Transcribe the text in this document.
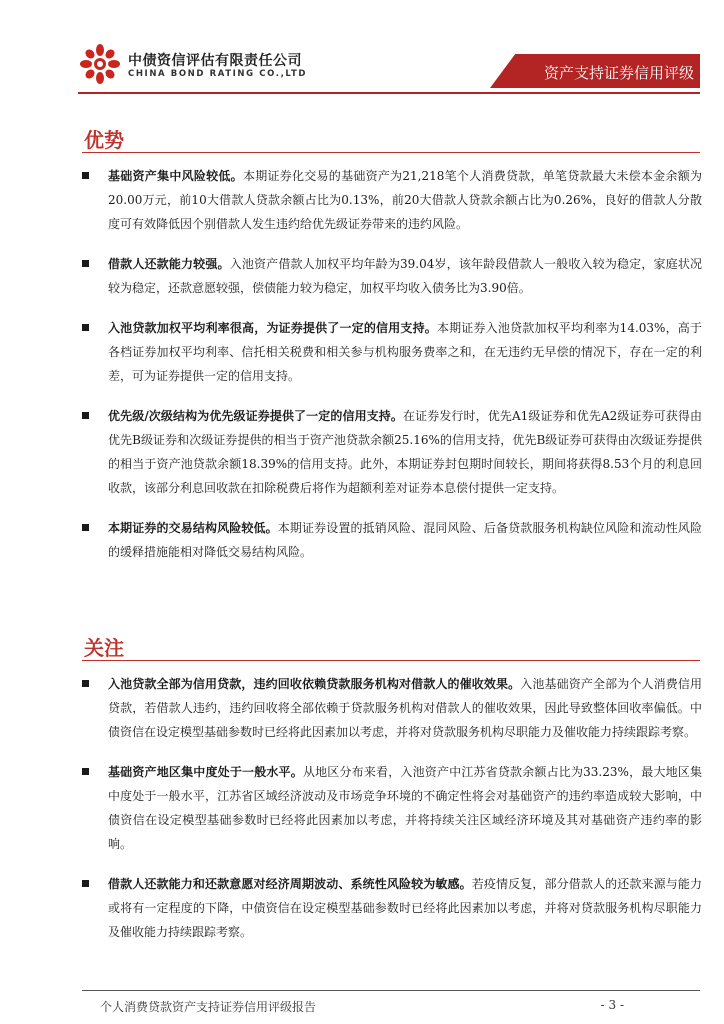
中债资信评估有限责任公司
CHINA BOND RATING CO.,LTD	资产支持证券信用评级
优势
基础资产集中风险较低。本期证券化交易的基础资产为21,218笔个人消费贷款，单笔贷款最大未偿本金余额为20.00万元，前10大借款人贷款余额占比为0.13%，前20大借款人贷款余额占比为0.26%，良好的借款人分散度可有效降低因个别借款人发生违约给优先级证券带来的违约风险。
借款人还款能力较强。入池资产借款人加权平均年龄为39.04岁，该年龄段借款人一般收入较为稳定，家庭状况较为稳定，还款意愿较强，偿债能力较为稳定，加权平均收入债务比为3.90倍。
入池贷款加权平均利率很高，为证券提供了一定的信用支持。本期证券入池贷款加权平均利率为14.03%，高于各档证券加权平均利率、信托相关税费和相关参与机构服务费率之和，在无违约无早偿的情况下，存在一定的利差，可为证券提供一定的信用支持。
优先级/次级结构为优先级证券提供了一定的信用支持。在证券发行时，优先A1级证券和优先A2级证券可获得由优先B级证券和次级证券提供的相当于资产池贷款余额25.16%的信用支持，优先B级证券可获得由次级证券提供的相当于资产池贷款余额18.39%的信用支持。此外，本期证券封包期时间较长，期间将获得8.53个月的利息回收款，该部分利息回收款在扣除税费后将作为超额利差对证券本息偿付提供一定支持。
本期证券的交易结构风险较低。本期证券设置的抵销风险、混同风险、后备贷款服务机构缺位风险和流动性风险的缓释措施能相对降低交易结构风险。
关注
入池贷款全部为信用贷款，违约回收依赖贷款服务机构对借款人的催收效果。入池基础资产全部为个人消费信用贷款，若借款人违约，违约回收将全部依赖于贷款服务机构对借款人的催收效果，因此导致整体回收率偏低。中债资信在设定模型基础参数时已经将此因素加以考虑，并将对贷款服务机构尽职能力及催收能力持续跟踪考察。
基础资产地区集中度处于一般水平。从地区分布来看，入池资产中江苏省贷款余额占比为33.23%，最大地区集中度处于一般水平，江苏省区域经济波动及市场竞争环境的不确定性将会对基础资产的违约率造成较大影响，中债资信在设定模型基础参数时已经将此因素加以考虑，并将持续关注区域经济环境及其对基础资产违约率的影响。
借款人还款能力和还款意愿对经济周期波动、系统性风险较为敏感。若疫情反复，部分借款人的还款来源与能力或将有一定程度的下降，中债资信在设定模型基础参数时已经将此因素加以考虑，并将对贷款服务机构尽职能力及催收能力持续跟踪考察。
个人消费贷款资产支持证券信用评级报告	- 3 -
